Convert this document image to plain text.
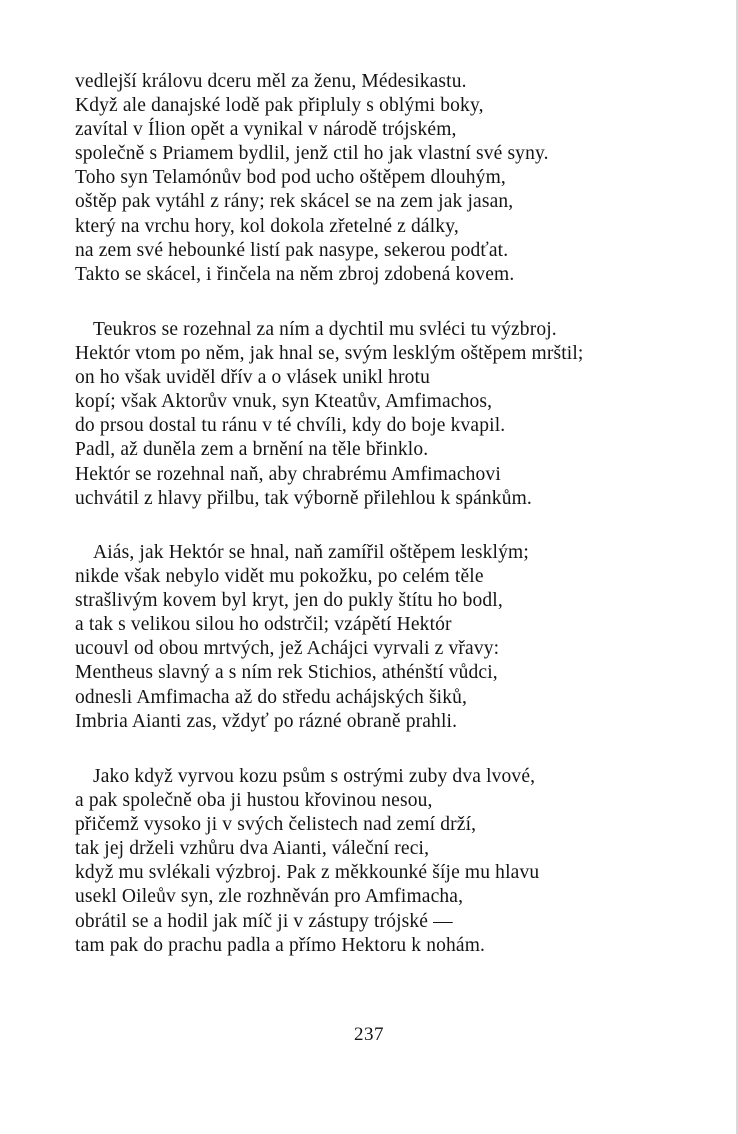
vedlejší královu dceru měl za ženu, Médesikastu.
Když ale danajské lodě pak připluly s oblými boky,
zavítal v Ílion opět a vynikal v národě trójském,
společně s Priamem bydlil, jenž ctil ho jak vlastní své syny.
Toho syn Telamónův bod pod ucho oštěpem dlouhým,
oštěp pak vytáhl z rány; rek skácel se na zem jak jasan,
který na vrchu hory, kol dokola zřetelné z dálky,
na zem své hebounké listí pak nasype, sekerou podťat.
Takto se skácel, i řinčela na něm zbroj zdobená kovem.
Teukros se rozehnal za ním a dychtil mu svléci tu výzbroj.
Hektór vtom po něm, jak hnal se, svým lesklým oštěpem mrštil;
on ho však uviděl dřív a o vlásek unikl hrotu
kopí; však Aktorův vnuk, syn Kteatův, Amfimachos,
do prsou dostal tu ránu v té chvíli, kdy do boje kvapil.
Padl, až duněla zem a brnění na těle břinklo.
Hektór se rozehnal naň, aby chrabrému Amfimachovi
uchvátil z hlavy přilbu, tak výborně přilehlou k spánkům.
Aiás, jak Hektór se hnal, naň zamířil oštěpem lesklým;
nikde však nebylo vidět mu pokožku, po celém těle
strašlivým kovem byl kryt, jen do pukly štítu ho bodl,
a tak s velikou silou ho odstrčil; vzápětí Hektór
ucouvl od obou mrtvých, jež Achájci vyrvali z vřavy:
Mentheus slavný a s ním rek Stichios, athénští vůdci,
odnesli Amfimacha až do středu achájských šiků,
Imbria Aianti zas, vždyť po rázné obraně prahli.
Jako když vyrvou kozu psům s ostrými zuby dva lvové,
a pak společně oba ji hustou křovinou nesou,
přičemž vysoko ji v svých čelistech nad zemí drží,
tak jej drželi vzhůru dva Aianti, váleční reci,
když mu svlékali výzbroj. Pak z měkkounké šíje mu hlavu
usekl Oileův syn, zle rozhněván pro Amfimacha,
obrátil se a hodil jak míč ji v zástupy trójské —
tam pak do prachu padla a přímo Hektoru k nohám.
237
